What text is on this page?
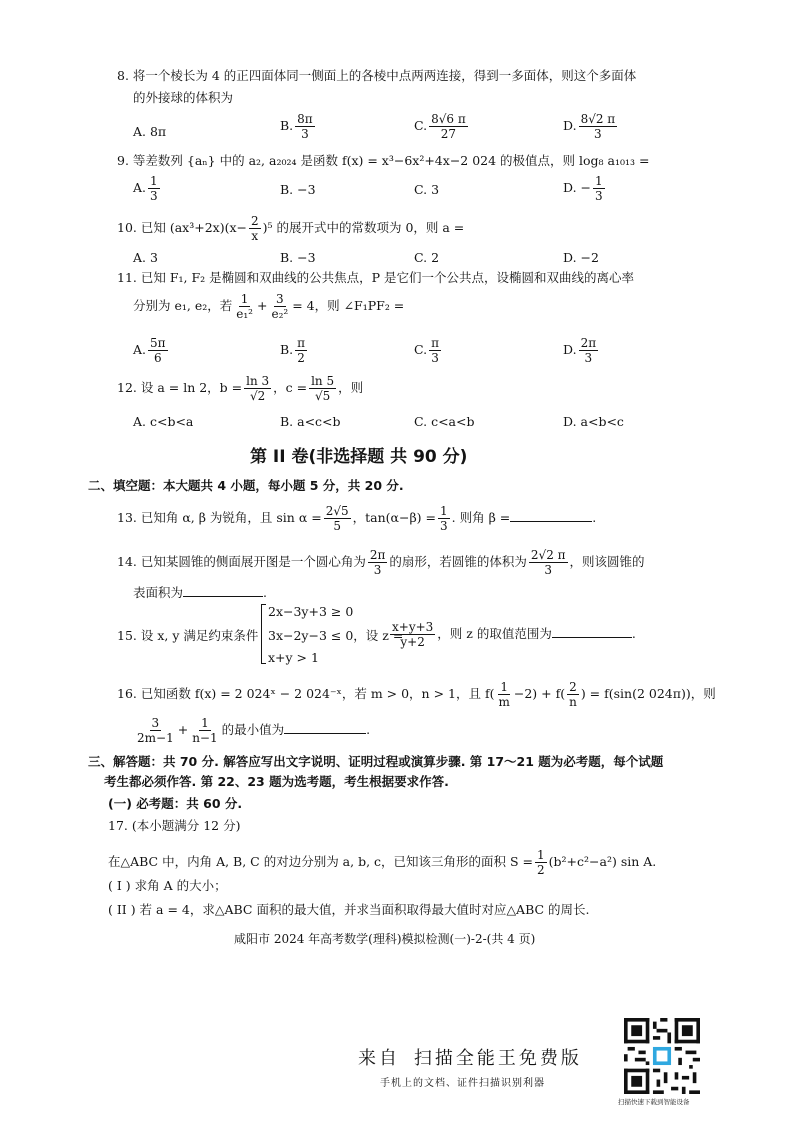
8. 将一个棱长为 4 的正四面体同一侧面上的各棱中点两两连接，得到一多面体，则这个多面体
的外接球的体积为
A. 8π	B. $\frac{8\pi}{3}$	C. $\frac{8√6 \pi}{27}$	D. $\frac{8√2 \pi}{3}$
9. 等差数列 {aₙ} 中的 a₂, a₂₀₂₄ 是函数 f(x) = x³−6x²+4x−2 024 的极值点，则 log₈ a₁₀₁₃ =
A. $\frac{1}{3}$	B. −3	C. 3	D. − $\frac{1}{3}$
10. 已知 $(ax^3+2x)(x- \frac{2}{x} )^5$ 的展开式中的常数项为 0，则 a =
A. 3	B. −3	C. 2	D. −2
11. 已知 F₁, F₂ 是椭圆和双曲线的公共焦点，P 是它们一个公共点，设椭圆和双曲线的离心率
分别为 e₁, e₂，若 $\frac{1}{\text{e₁²}} + \frac{3}{\text{e₂²}} = 4$，则 ∠F₁PF₂ =
A. $\frac{5\pi}{6}$	B. $\frac{\pi}{2}$	C. $\frac{\pi}{3}$	D. $\frac{2\pi}{3}$
12. 设 a = ln 2，$b = \frac{\ln 3}{√2}$ ，$c = \frac{\ln 5}{√5}$ ，则
A. c<b<a	B. a<c<b	C. c<a<b	D. a<b<c
第 II 卷(非选择题 共 90 分)
二、填空题：本大题共 4 小题，每小题 5 分，共 20 分.
13. 已知角 α, β 为锐角，且 $\sin \alpha = \frac{2√5}{5}$ ，$\tan(\alpha-\beta) = \frac{1}{3}$ . 则角 β =	.
14. 已知某圆锥的侧面展开图是一个圆心角为 $\frac{2\pi}{3}$ 的扇形，若圆锥的体积为 $\frac{2√2 \pi}{3}$ ，则该圆锥的
表面积为	.
15. 设 x, y 满足约束条件
2x−3y+3 ≥ 0
3x−2y−3 ≤ 0，设 z =
x+y > 1
$\frac{x+y+3}{y+2}$ ，则 z 的取值范围为	.
16. 已知函数 f(x) = 2 024ˣ − 2 024⁻ˣ，若 m > 0，n > 1，且 $f( \frac{1}{m} -2) + f( \frac{2}{n}$ ) = f(sin(2 024π))，则
$\frac{3}{2m-1} + \frac{1}{n-1}$ 的最小值为	.
三、解答题：共 70 分. 解答应写出文字说明、证明过程或演算步骤. 第 17～21 题为必考题，每个试题
考生都必须作答. 第 22、23 题为选考题，考生根据要求作答.
(一) 必考题：共 60 分.
17. (本小题满分 12 分)
在△ABC 中，内角 A, B, C 的对边分别为 a, b, c，已知该三角形的面积 $S = \frac{1}{2} (b^2+c^2-a^2)$ sin A.
( I ) 求角 A 的大小；
( II ) 若 a = 4，求△ABC 面积的最大值，并求当面积取得最大值时对应△ABC 的周长.
咸阳市 2024 年高考数学(理科)模拟检测(一)-2-(共 4 页)
来自 扫描全能王免费版
手机上的文档、证件扫描识别利器
扫描快速下载到智能设备
